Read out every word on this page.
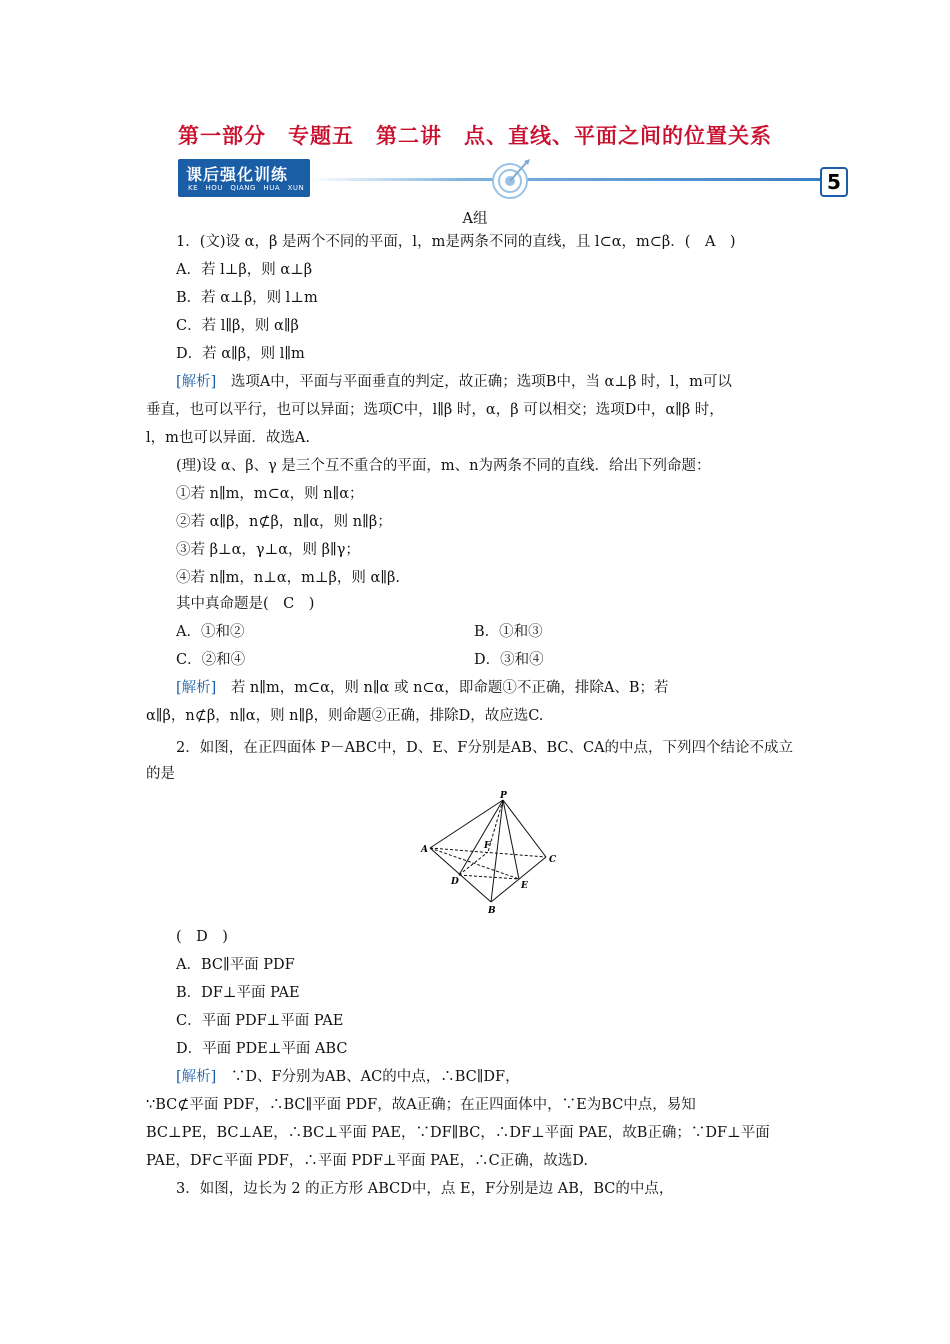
第一部分　专题五　第二讲　点、直线、平面之间的位置关系
课后强化训练
KE　HOU　QIANG　HUA　XUN　LIAN	5
A组
1．(文)设 α，β 是两个不同的平面，l，m是两条不同的直线，且 l⊂α，m⊂β．(　A　)
A．若 l⊥β，则 α⊥β
B．若 α⊥β，则 l⊥m
C．若 l∥β，则 α∥β
D．若 α∥β，则 l∥m
[解析]　选项A中，平面与平面垂直的判定，故正确；选项B中，当 α⊥β 时，l，m可以
垂直，也可以平行，也可以异面；选项C中，l∥β 时，α，β 可以相交；选项D中，α∥β 时，
l，m也可以异面．故选A.
(理)设 α、β、γ 是三个互不重合的平面，m、n为两条不同的直线．给出下列命题：
①若 n∥m，m⊂α，则 n∥α；
②若 α∥β，n⊄β，n∥α，则 n∥β；
③若 β⊥α，γ⊥α，则 β∥γ；
④若 n∥m，n⊥α，m⊥β，则 α∥β.
其中真命题是(　C　)
A．①和②	B．①和③
C．②和④	D．③和④
[解析]　若 n∥m，m⊂α，则 n∥α 或 n⊂α，即命题①不正确，排除A、B；若
α∥β，n⊄β，n∥α，则 n∥β，则命题②正确，排除D，故应选C.
2．如图，在正四面体 P－ABC中，D、E、F分别是AB、BC、CA的中点，下列四个结论不成立
的是
P
A
C
B
D	E
F
(　D　)
A．BC∥平面 PDF
B．DF⊥平面 PAE
C．平面 PDF⊥平面 PAE
D．平面 PDE⊥平面 ABC
[解析]　∵D、F分别为AB、AC的中点，∴BC∥DF，
∵BC⊄平面 PDF，∴BC∥平面 PDF，故A正确；在正四面体中，∵E为BC中点，易知
BC⊥PE，BC⊥AE，∴BC⊥平面 PAE，∵DF∥BC，∴DF⊥平面 PAE，故B正确；∵DF⊥平面
PAE，DF⊂平面 PDF，∴平面 PDF⊥平面 PAE，∴C正确，故选D.
3．如图，边长为 2 的正方形 ABCD中，点 E，F分别是边 AB，BC的中点，
